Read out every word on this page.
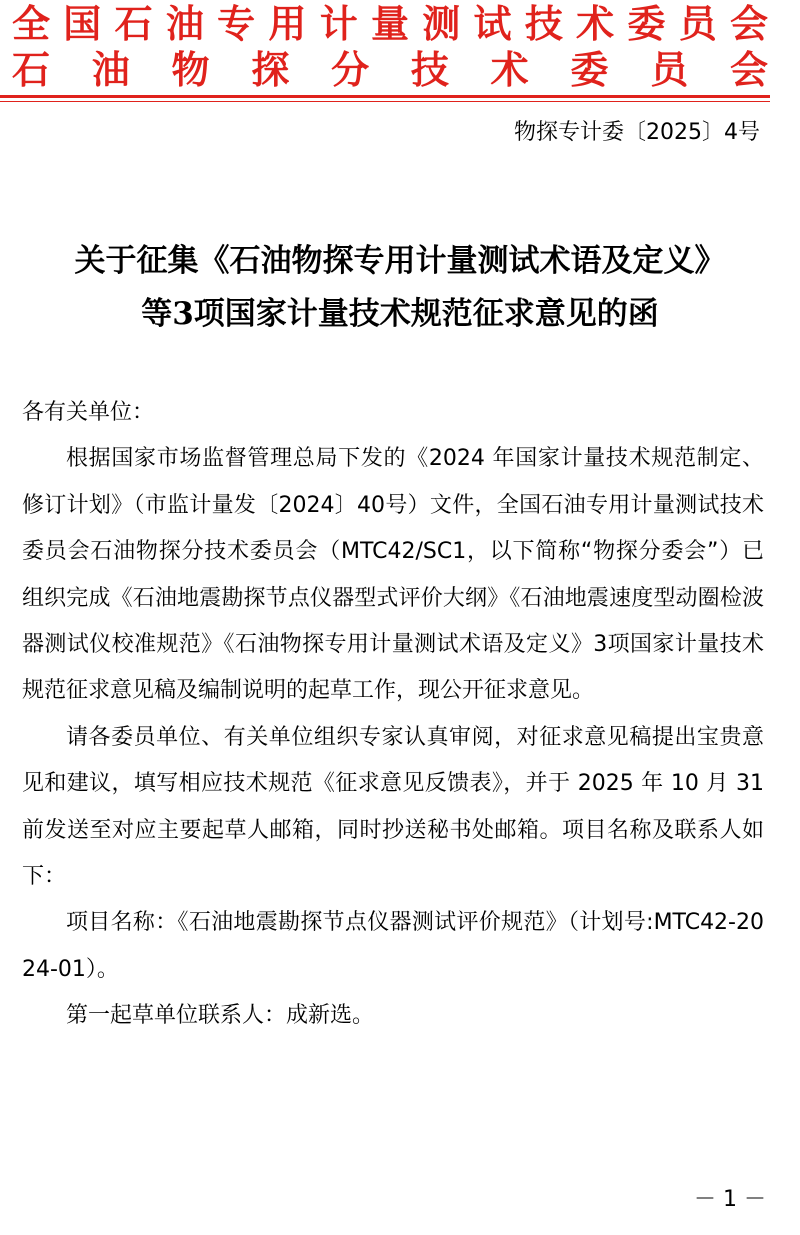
全国石油专用计量测试技术委员会
石油物探分技术委员会
物探专计委〔2025〕4号
关于征集《石油物探专用计量测试术语及定义》
等3项国家计量技术规范征求意见的函

各有关单位：

根据国家市场监督管理总局下发的《2024 年国家计量技术规范制定、修订计划》（市监计量发〔2024〕40号）文件，全国石油专用计量测试技术委员会石油物探分技术委员会（MTC42/SC1，以下简称“物探分委会”）已组织完成《石油地震勘探节点仪器型式评价大纲》《石油地震速度型动圈检波器测试仪校准规范》《石油物探专用计量测试术语及定义》3项国家计量技术规范征求意见稿及编制说明的起草工作，现公开征求意见。

请各委员单位、有关单位组织专家认真审阅，对征求意见稿提出宝贵意见和建议，填写相应技术规范《征求意见反馈表》，并于 2025 年 10 月 31 前发送至对应主要起草人邮箱，同时抄送秘书处邮箱。项目名称及联系人如下：

项目名称：《石油地震勘探节点仪器测试评价规范》（计划号:MTC42-2024-01）。

第一起草单位联系人：成新选。

－ 1 －
